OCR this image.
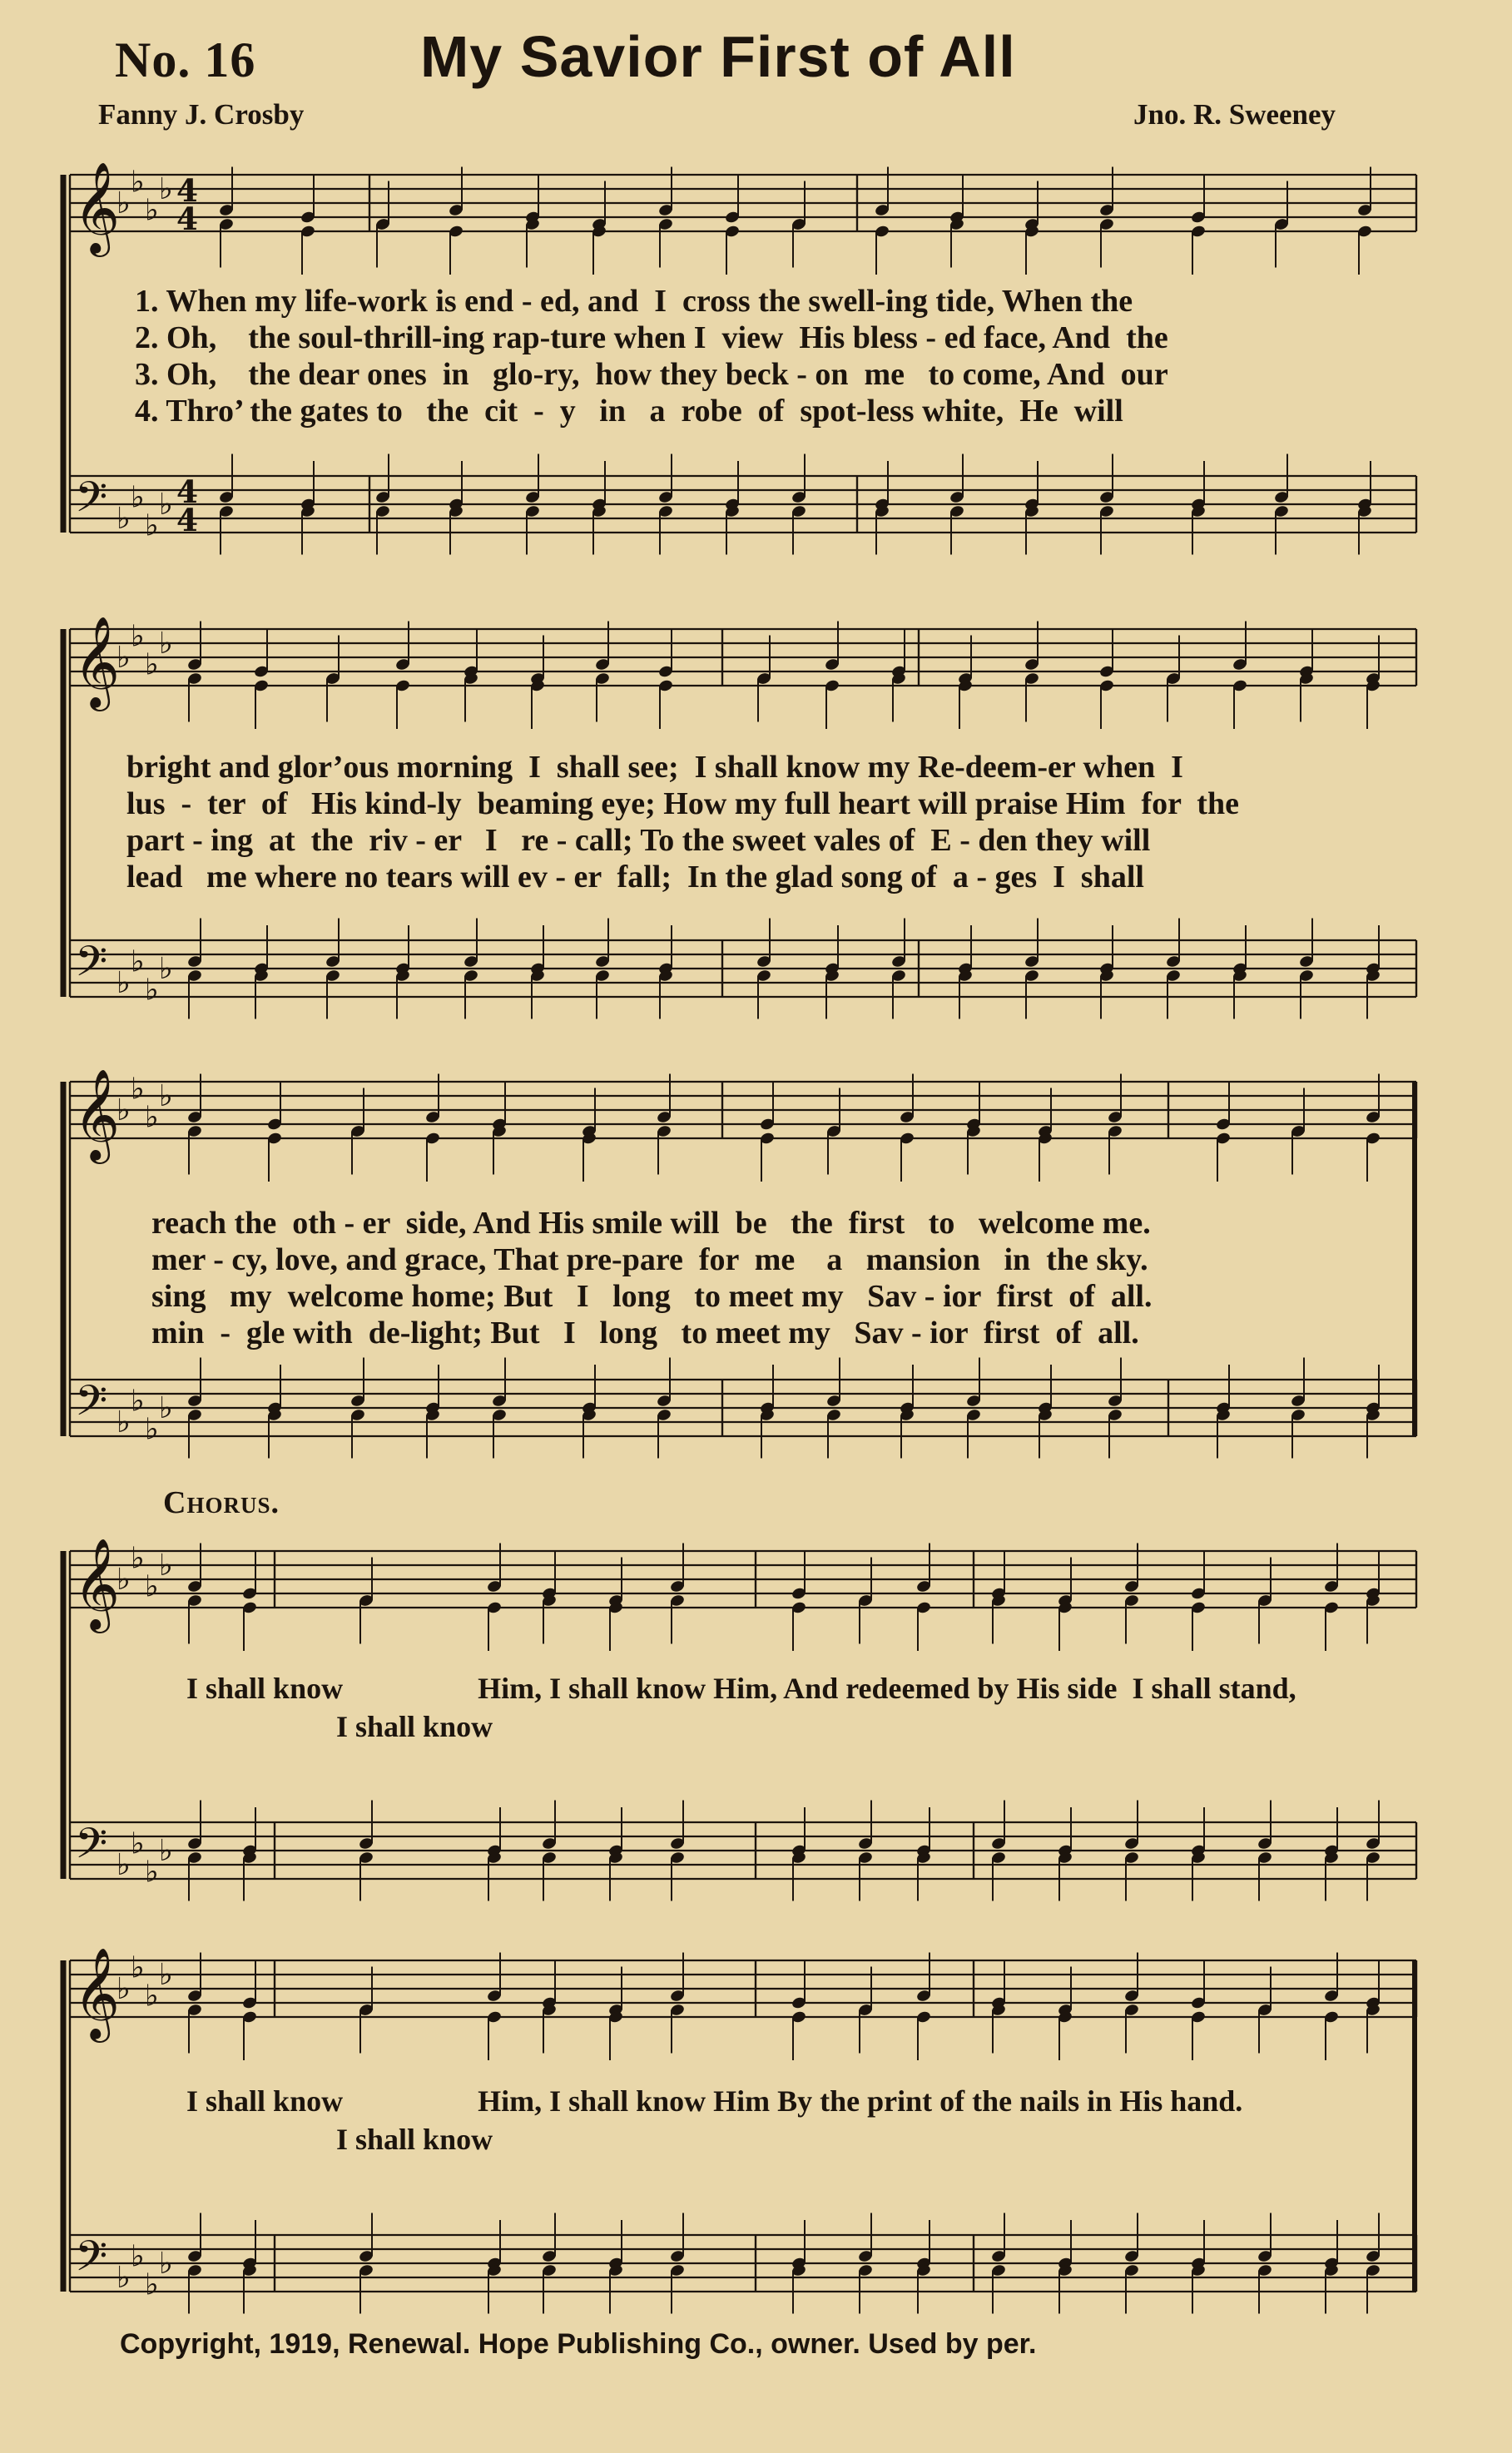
No. 16	My Savior First of All
Fanny J. Crosby	Jno. R. Sweeney
𝄞
𝄢
♭
♭
♭
♭
♭
♭
♭
♭
4
4
4
4
𝄞
𝄢
♭
♭
♭
♭
♭
♭
♭
♭
𝄞
𝄢
♭
♭
♭
♭
♭
♭
♭
♭
𝄞
𝄢
♭
♭
♭
♭
♭
♭
♭
♭
𝄞
𝄢
♭
♭
♭
♭
♭
♭
♭
♭
1. When my life-work is end - ed, and  I  cross the swell-ing tide, When the
2. Oh,    the soul-thrill-ing rap-ture when I  view  His bless - ed face, And  the
3. Oh,    the dear ones  in   glo-ry,  how they beck - on  me   to come, And  our
4. Thro’ the gates to   the  cit  -  y   in   a  robe  of  spot-less white,  He  will
bright and glor’ous morning  I  shall see;  I shall know my Re-deem-er when  I
lus  -  ter  of   His kind-ly  beaming eye; How my full heart will praise Him  for  the
part - ing  at  the  riv - er   I   re - call; To the sweet vales of  E - den they will
lead   me where no tears will ev - er  fall;  In the glad song of  a - ges  I  shall
reach the  oth - er  side, And His smile will  be   the  first   to   welcome me.
mer - cy, love, and grace, That pre-pare  for  me    a   mansion   in  the sky.
sing   my  welcome home; But   I   long   to meet my   Sav - ior  first  of  all.
min  -  gle with  de-light; But   I   long   to meet my   Sav - ior  first  of  all.
Chorus.
I shall know                  Him, I shall know Him, And redeemed by His side  I shall stand,
I shall know
I shall know                  Him, I shall know Him By the print of the nails in His hand.
I shall know
Copyright, 1919, Renewal. Hope Publishing Co., owner. Used by per.
